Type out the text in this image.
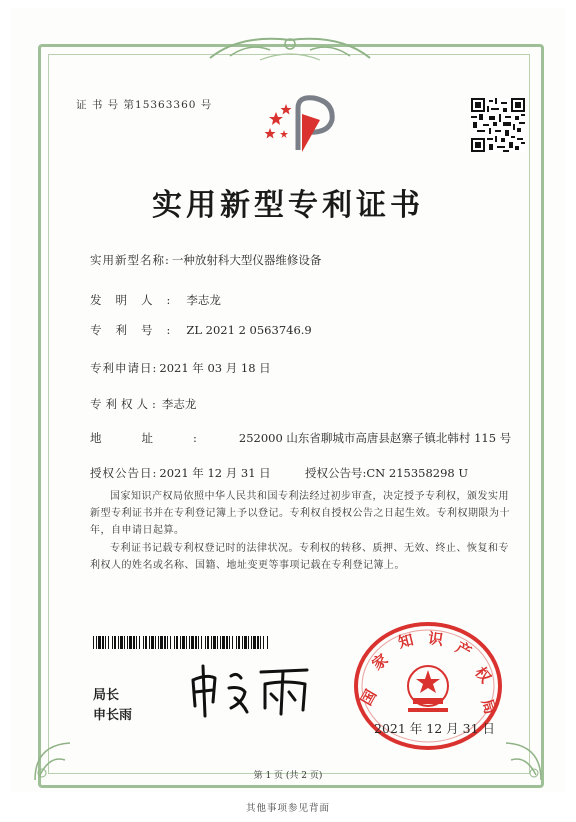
证 书 号 第15363360 号
实用新型专利证书
实用新型名称: 一种放射科大型仪器维修设备
发明人: 李志龙
专利号: ZL 2021 2 0563746.9
专利申请日: 2021 年 03 月 18 日
专利权人: 李志龙
地址: 252000 山东省聊城市高唐县赵寨子镇北韩村 115 号
授权公告日: 2021 年 12 月 31 日	授权公告号:CN 215358298 U
国家知识产权局依照中华人民共和国专利法经过初步审查，决定授予专利权，颁发实用新型专利证书并在专利登记簿上予以登记。专利权自授权公告之日起生效。专利权期限为十年，自申请日起算。
专利证书记载专利权登记时的法律状况。专利权的转移、质押、无效、终止、恢复和专利权人的姓名或名称、国籍、地址变更等事项记载在专利登记簿上。
局长
申长雨
国
家
知 识 产
权
局
2021 年 12 月 31 日
第 1 页 (共 2 页)
其他事项参见背面
